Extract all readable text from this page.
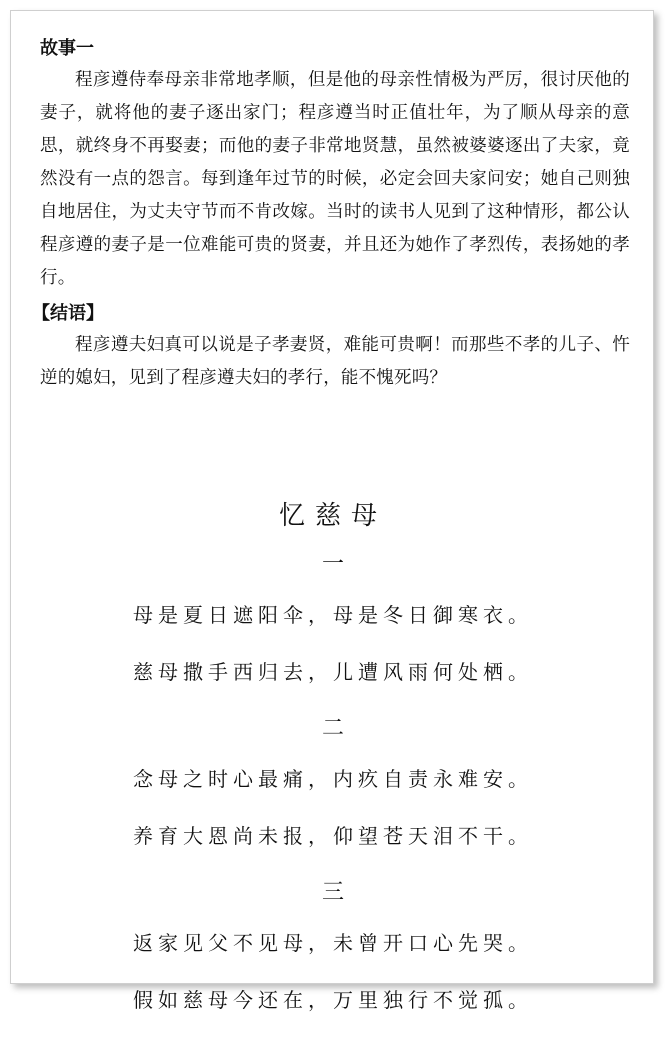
故事一

程彦遵侍奉母亲非常地孝顺，但是他的母亲性情极为严厉，很讨厌他的妻子，就将他的妻子逐出家门；程彦遵当时正值壮年，为了顺从母亲的意思，就终身不再娶妻；而他的妻子非常地贤慧，虽然被婆婆逐出了夫家，竟然没有一点的怨言。每到逢年过节的时候，必定会回夫家问安；她自己则独自地居住，为丈夫守节而不肯改嫁。当时的读书人见到了这种情形，都公认程彦遵的妻子是一位难能可贵的贤妻，并且还为她作了孝烈传，表扬她的孝行。

【结语】

程彦遵夫妇真可以说是子孝妻贤，难能可贵啊！而那些不孝的儿子、忤逆的媳妇，见到了程彦遵夫妇的孝行，能不愧死吗？

忆慈母
一
母是夏日遮阳伞，母是冬日御寒衣。
慈母撒手西归去，儿遭风雨何处栖。
二
念母之时心最痛，内疚自责永难安。
养育大恩尚未报，仰望苍天泪不干。
三
返家见父不见母，未曾开口心先哭。
假如慈母今还在，万里独行不觉孤。
